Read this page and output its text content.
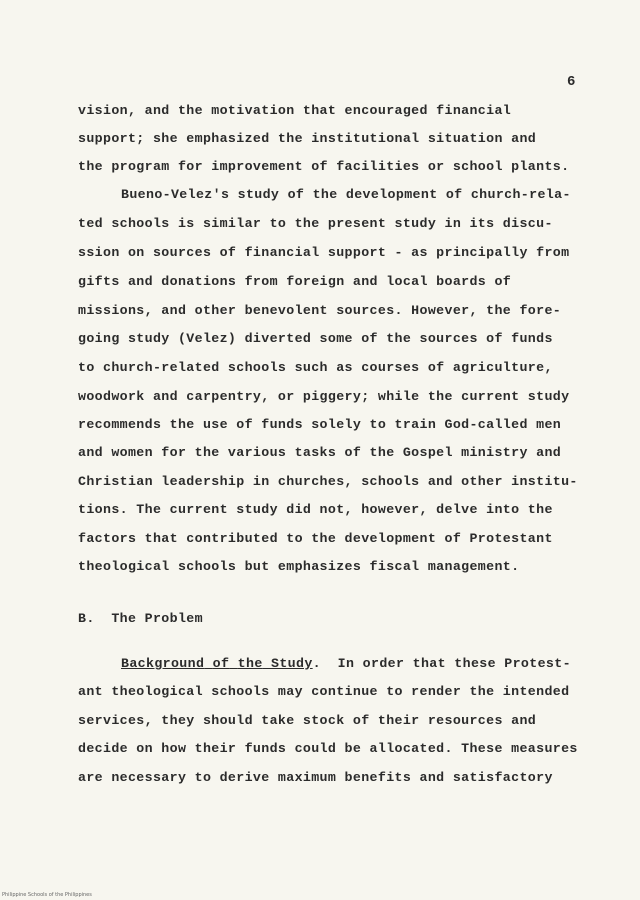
6
vision, and the motivation that encouraged financial
support; she emphasized the institutional situation and
the program for improvement of facilities or school plants.
Bueno-Velez's study of the development of church-rela-
ted schools is similar to the present study in its discu-
ssion on sources of financial support - as principally from
gifts and donations from foreign and local boards of
missions, and other benevolent sources. However, the fore-
going study (Velez) diverted some of the sources of funds
to church-related schools such as courses of agriculture,
woodwork and carpentry, or piggery; while the current study
recommends the use of funds solely to train God-called men
and women for the various tasks of the Gospel ministry and
Christian leadership in churches, schools and other institu-
tions. The current study did not, however, delve into the
factors that contributed to the development of Protestant
theological schools but emphasizes fiscal management.
B.  The Problem
Background of the Study. In order that these Protest-
ant theological schools may continue to render the intended
services, they should take stock of their resources and
decide on how their funds could be allocated. These measures
are necessary to derive maximum benefits and satisfactory
Philippine Schools of the Philippines
